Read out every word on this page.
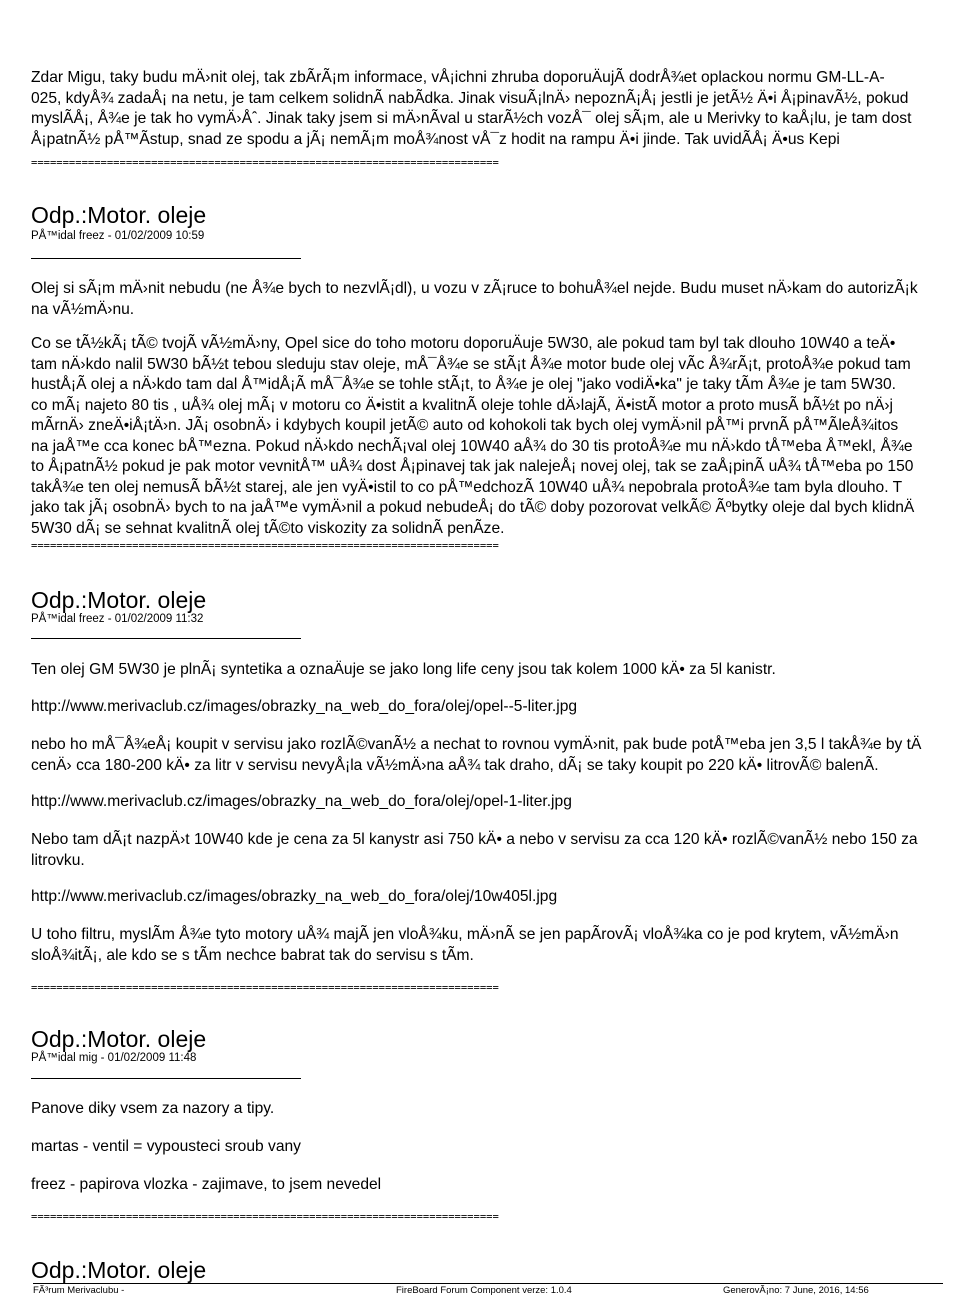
Zdar Migu, taky budu mÄ›nit olej, tak zbÃrÃ¡m informace, vÅ¡ichni zhruba doporuÄujÃ dodrÅ¾et oplackou normu GM-LL-A-
025, kdyÅ¾ zadaÅ¡ na netu, je tam celkem solidnÃ nabÃdka. Jinak visuÃ¡lnÄ› nepoznÃ¡Å¡ jestli je jetÃ½ Ä•i Å¡pinavÃ½, pokud
myslÃÅ¡, Å¾e je tak ho vymÄ›Åˆ. Jinak taky jsem si mÄ›nÃval u starÃ½ch vozÅ¯ olej sÃ¡m, ale u Merivky to kaÅ¡lu, je tam dost
Å¡patnÃ½ pÅ™Ãstup, snad ze spodu a jÃ¡ nemÃ¡m moÅ¾nost vÅ¯z hodit na rampu Ä•i jinde. Tak uvidÃÅ¡ Ä•us Kepi
==========================================================================
Odp.:Motor. oleje
PÅ™idal freez - 01/02/2009 10:59
Olej si sÃ¡m mÄ›nit nebudu (ne Å¾e bych to nezvlÃ¡dl), u vozu v zÃ¡ruce to bohuÅ¾el nejde. Budu muset nÄ›kam do autorizÃ¡k
na vÃ½mÄ›nu.
Co se tÃ½kÃ¡ tÃ© tvojÃ vÃ½mÄ›ny, Opel sice do toho motoru doporuÄuje 5W30, ale pokud tam byl tak dlouho 10W40 a teÄ•
tam nÄ›kdo nalil 5W30 bÃ½t tebou sleduju stav oleje, mÅ¯Å¾e se stÃ¡t Å¾e motor bude olej vÃc Å¾rÃ¡t, protoÅ¾e pokud tam
hustÅ¡Ã olej a nÄ›kdo tam dal Å™idÅ¡Ã mÅ¯Å¾e se tohle stÃ¡t, to Å¾e je olej "jako vodiÄ•ka" je taky tÃm Å¾e je tam 5W30.
co mÃ¡ najeto 80 tis , uÅ¾ olej mÃ¡ v motoru co Ä•istit a kvalitnÃ oleje tohle dÄ›lajÃ, Ä•istÃ motor a proto musÃ bÃ½t po nÄ›j
mÃrnÄ› zneÄ•iÅ¡tÄ›n. JÃ¡ osobnÄ› i kdybych koupil jetÃ© auto od kohokoli tak bych olej vymÄ›nil pÅ™i prvnÃ pÅ™ÃleÅ¾itos
na jaÅ™e cca konec bÅ™ezna. Pokud nÄ›kdo nechÃ¡val olej 10W40 aÅ¾ do 30 tis protoÅ¾e mu nÄ›kdo tÅ™eba Å™ekl, Å¾e
to Å¡patnÃ½ pokud je pak motor vevnitÅ™ uÅ¾ dost Å¡pinavej tak jak nalejeÅ¡ novej olej, tak se zaÅ¡pinÃ uÅ¾ tÅ™eba po 150
takÅ¾e ten olej nemusÃ bÃ½t starej, ale jen vyÄ•istil to co pÅ™edchozÃ 10W40 uÅ¾ nepobrala protoÅ¾e tam byla dlouho. T
jako tak jÃ¡ osobnÄ› bych to na jaÅ™e vymÄ›nil a pokud nebudeÅ¡ do tÃ© doby pozorovat velkÃ© Ãºbytky oleje dal bych klidnÄ
5W30 dÃ¡ se sehnat kvalitnÃ olej tÃ©to viskozity za solidnÃ penÃze.
==========================================================================
Odp.:Motor. oleje
PÅ™idal freez - 01/02/2009 11:32
Ten olej GM 5W30 je plnÃ¡ syntetika a oznaÄuje se jako long life ceny jsou tak kolem 1000 kÄ• za 5l kanistr.
http://www.merivaclub.cz/images/obrazky_na_web_do_fora/olej/opel--5-liter.jpg
nebo ho mÅ¯Å¾eÅ¡ koupit v servisu jako rozlÃ©vanÃ½ a nechat to rovnou vymÄ›nit, pak bude potÅ™eba jen 3,5 l takÅ¾e by tÄ
cenÄ› cca 180-200 kÄ• za litr v servisu nevyÅ¡la vÃ½mÄ›na aÅ¾ tak draho, dÃ¡ se taky koupit po 220 kÄ• litrovÃ© balenÃ.
http://www.merivaclub.cz/images/obrazky_na_web_do_fora/olej/opel-1-liter.jpg
Nebo tam dÃ¡t nazpÄ›t 10W40 kde je cena za 5l kanystr asi 750 kÄ• a nebo v servisu za cca 120 kÄ• rozlÃ©vanÃ½ nebo 150 za
litrovku.
http://www.merivaclub.cz/images/obrazky_na_web_do_fora/olej/10w405l.jpg
U toho filtru, myslÃm Å¾e tyto motory uÅ¾ majÃ jen vloÅ¾ku, mÄ›nÃ se jen papÃrovÃ¡ vloÅ¾ka co je pod krytem, vÃ½mÄ›n
sloÅ¾itÃ¡, ale kdo se s tÃm nechce babrat tak do servisu s tÃm.
==========================================================================
Odp.:Motor. oleje
PÅ™idal mig - 01/02/2009 11:48
Panove diky vsem za nazory a tipy.
martas - ventil = vypousteci sroub vany
freez - papirova vlozka - zajimave, to jsem nevedel
==========================================================================
Odp.:Motor. oleje
FÃ³rum Merivaclubu -	FireBoard Forum Component verze: 1.0.4	GenerovÃ¡no: 7 June, 2016, 14:56
